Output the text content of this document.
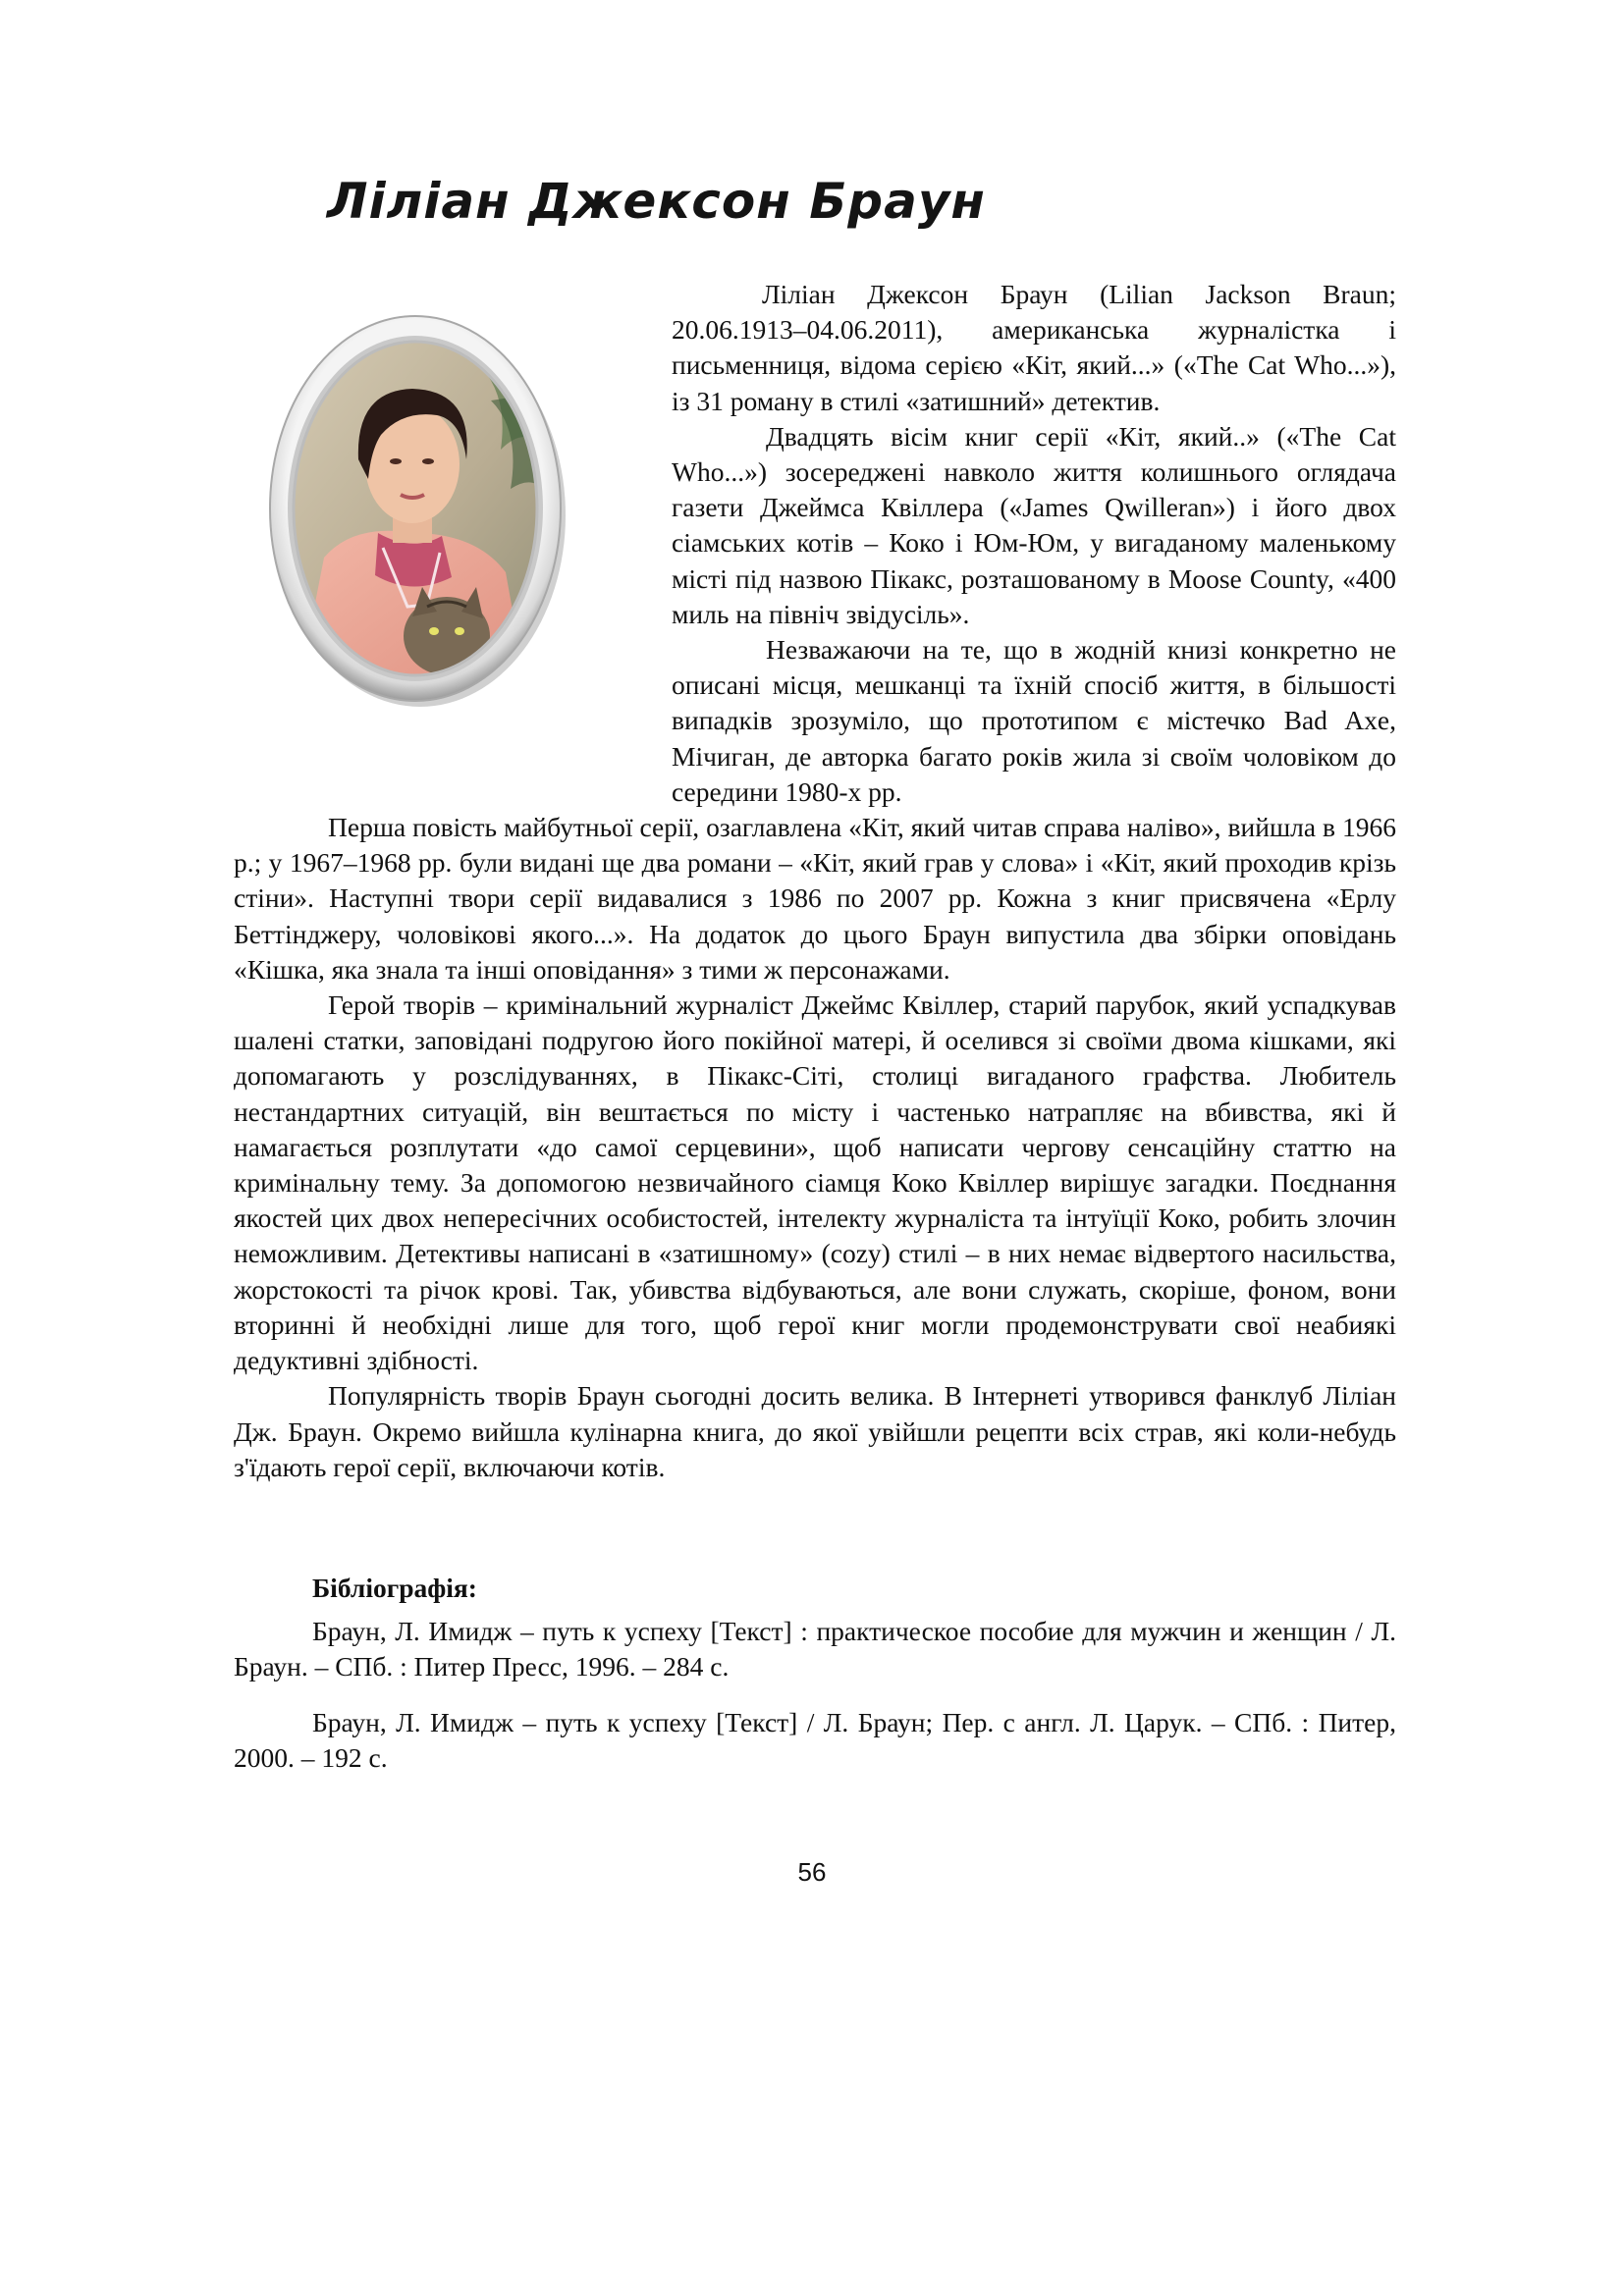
Ліліан Джексон Браун

Ліліан Джексон Браун (Lilian Jackson Braun; 20.06.1913–04.06.2011), американська журналістка і письменниця, відома серією «Кіт, який...» («The Cat Who...»), із 31 роману в стилі «затишний» детектив.

Двадцять вісім книг серії «Кіт, який..» («The Cat Who...») зосереджені навколо життя колишнього оглядача газети Джеймса Квіллера («James Qwilleran») і його двох сіамських котів – Коко і Юм-Юм, у вигаданому маленькому місті під назвою Пікакс, розташованому в Moose County, «400 миль на північ звідусіль».

Незважаючи на те, що в жодній книзі конкретно не описані місця, мешканці та їхній спосіб життя, в більшості випадків зрозуміло, що прототипом є містечко Bad Axe, Мічиган, де авторка багато років жила зі своїм чоловіком до середини 1980-х рр.

Перша повість майбутньої серії, озаглавлена «Кіт, який читав справа наліво», вийшла в 1966 р.; у 1967–1968 рр. були видані ще два романи – «Кіт, який грав у слова» і «Кіт, який проходив крізь стіни». Наступні твори серії видавалися з 1986 по 2007 рр. Кожна з книг присвячена «Ерлу Беттінджеру, чоловікові якого...». На додаток до цього Браун випустила два збірки оповідань «Кішка, яка знала та інші оповідання» з тими ж персонажами.

Герой творів – кримінальний журналіст Джеймс Квіллер, старий парубок, який успадкував шалені статки, заповідані подругою його покійної матері, й оселився зі своїми двома кішками, які допомагають у розслідуваннях, в Пікакс-Сіті, столиці вигаданого графства. Любитель нестандартних ситуацій, він вештається по місту і частенько натрапляє на вбивства, які й намагається розплутати «до самої серцевини», щоб написати чергову сенсаційну статтю на кримінальну тему. За допомогою незвичайного сіамця Коко Квіллер вирішує загадки. Поєднання якостей цих двох непересічних особистостей, інтелекту журналіста та інтуїції Коко, робить злочин неможливим. Детективы написані в «затишному» (cozy) стилі – в них немає відвертого насильства, жорстокості та річок крові. Так, убивства відбуваються, але вони служать, скоріше, фоном, вони вторинні й необхідні лише для того, щоб герої книг могли продемонструвати свої неабиякі дедуктивні здібності.

Популярність творів Браун сьогодні досить велика. В Інтернеті утворився фанклуб Ліліан Дж. Браун. Окремо вийшла кулінарна книга, до якої увійшли рецепти всіх страв, які коли-небудь з'їдають герої серії, включаючи котів.

Бібліографія:

Браун, Л. Имидж – путь к успеху [Текст] : практическое пособие для мужчин и женщин / Л. Браун. – СПб. : Питер Пресс, 1996. – 284 с.

Браун, Л. Имидж – путь к успеху [Текст] / Л. Браун; Пер. с англ. Л. Царук. – СПб. : Питер, 2000. – 192 с.

56
